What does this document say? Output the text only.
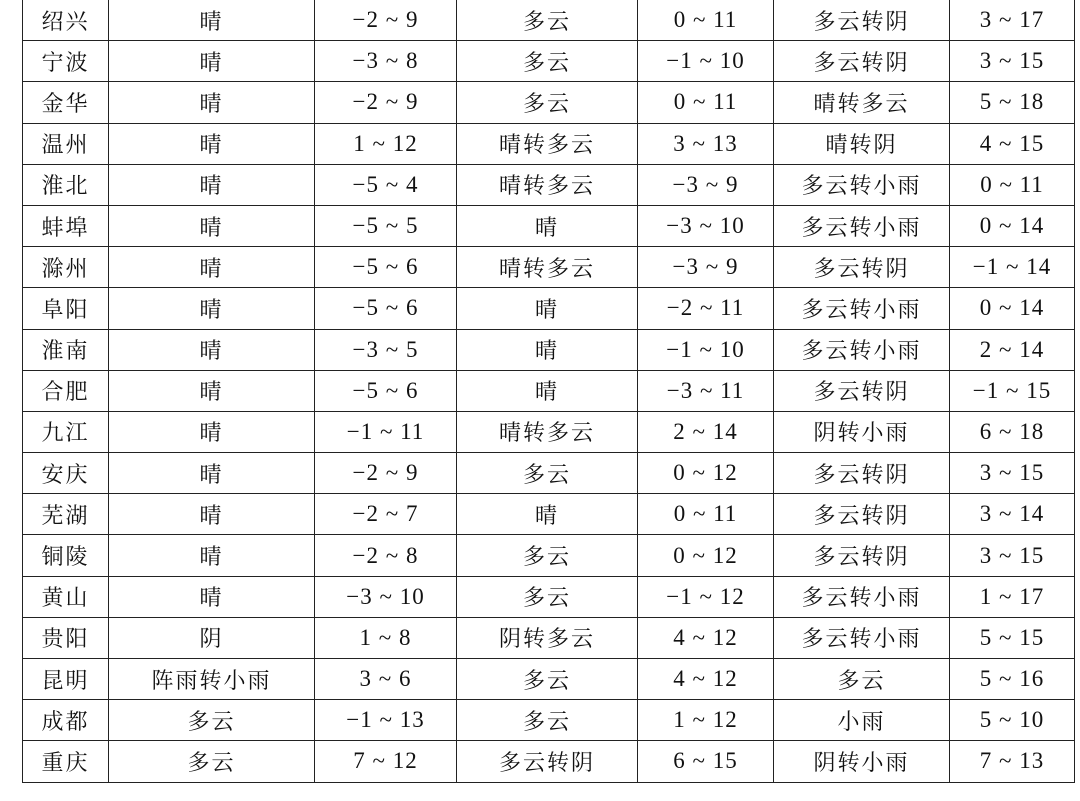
绍兴	晴	−2 ~ 9	多云	0 ~ 11	多云转阴	3 ~ 17
宁波	晴	−3 ~ 8	多云	−1 ~ 10	多云转阴	3 ~ 15
金华	晴	−2 ~ 9	多云	0 ~ 11	晴转多云	5 ~ 18
温州	晴	1 ~ 12	晴转多云	3 ~ 13	晴转阴	4 ~ 15
淮北	晴	−5 ~ 4	晴转多云	−3 ~ 9	多云转小雨	0 ~ 11
蚌埠	晴	−5 ~ 5	晴	−3 ~ 10	多云转小雨	0 ~ 14
滁州	晴	−5 ~ 6	晴转多云	−3 ~ 9	多云转阴	−1 ~ 14
阜阳	晴	−5 ~ 6	晴	−2 ~ 11	多云转小雨	0 ~ 14
淮南	晴	−3 ~ 5	晴	−1 ~ 10	多云转小雨	2 ~ 14
合肥	晴	−5 ~ 6	晴	−3 ~ 11	多云转阴	−1 ~ 15
九江	晴	−1 ~ 11	晴转多云	2 ~ 14	阴转小雨	6 ~ 18
安庆	晴	−2 ~ 9	多云	0 ~ 12	多云转阴	3 ~ 15
芜湖	晴	−2 ~ 7	晴	0 ~ 11	多云转阴	3 ~ 14
铜陵	晴	−2 ~ 8	多云	0 ~ 12	多云转阴	3 ~ 15
黄山	晴	−3 ~ 10	多云	−1 ~ 12	多云转小雨	1 ~ 17
贵阳	阴	1 ~ 8	阴转多云	4 ~ 12	多云转小雨	5 ~ 15
昆明	阵雨转小雨	3 ~ 6	多云	4 ~ 12	多云	5 ~ 16
成都	多云	−1 ~ 13	多云	1 ~ 12	小雨	5 ~ 10
重庆	多云	7 ~ 12	多云转阴	6 ~ 15	阴转小雨	7 ~ 13
